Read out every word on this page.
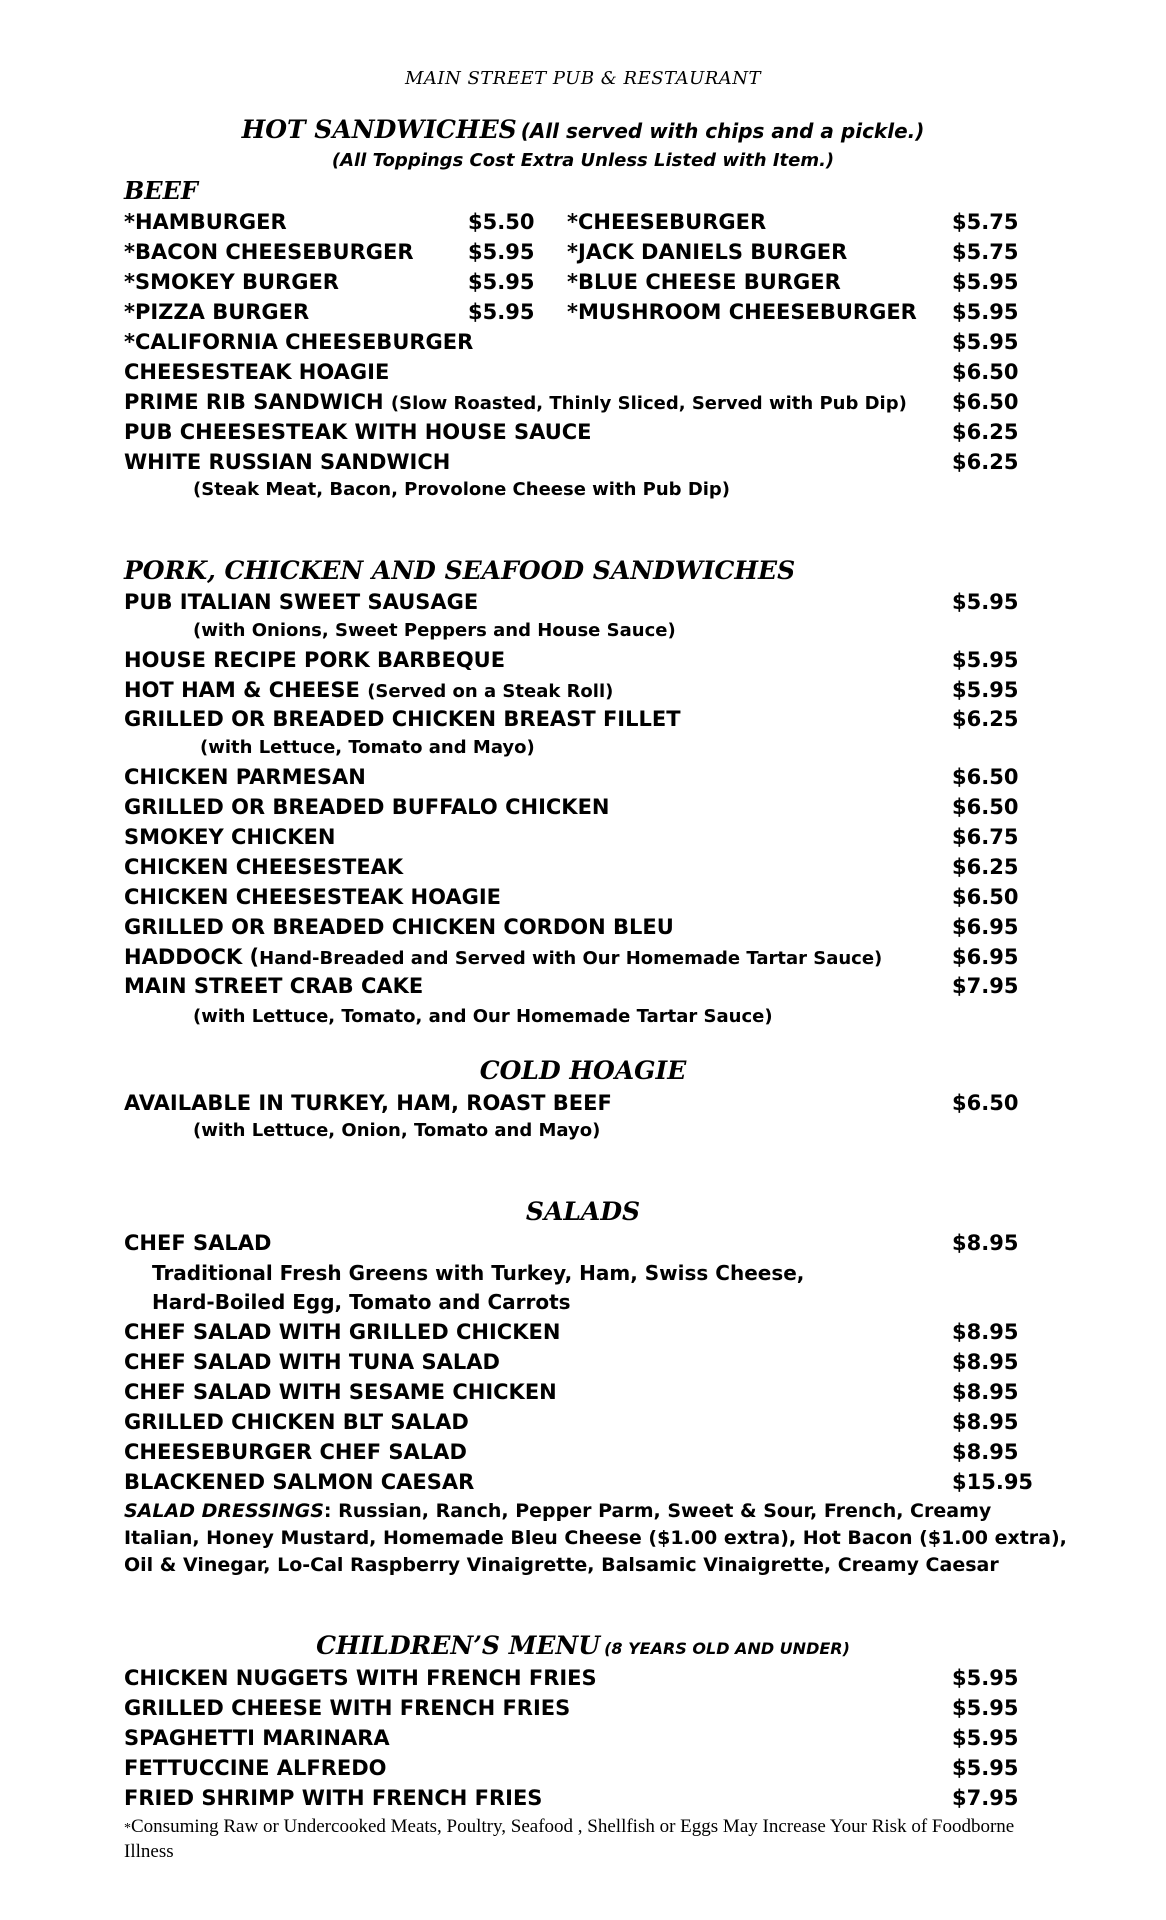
MAIN STREET PUB & RESTAURANT
HOT SANDWICHES (All served with chips and a pickle.)
(All Toppings Cost Extra Unless Listed with Item.)
BEEF
*HAMBURGER	$5.50 *CHEESEBURGER	$5.75
*BACON CHEESEBURGER	$5.95 *JACK DANIELS BURGER	$5.75
*SMOKEY BURGER	$5.95 *BLUE CHEESE BURGER	$5.95
*PIZZA BURGER	$5.95 *MUSHROOM CHEESEBURGER $5.95
*CALIFORNIA CHEESEBURGER	$5.95
CHEESESTEAK HOAGIE	$6.50
PRIME RIB SANDWICH (Slow Roasted, Thinly Sliced, Served with Pub Dip) $6.50
PUB CHEESESTEAK WITH HOUSE SAUCE	$6.25
WHITE RUSSIAN SANDWICH	$6.25
(Steak Meat, Bacon, Provolone Cheese with Pub Dip)
PORK, CHICKEN AND SEAFOOD SANDWICHES
PUB ITALIAN SWEET SAUSAGE	$5.95
(with Onions, Sweet Peppers and House Sauce)
HOUSE RECIPE PORK BARBEQUE	$5.95
HOT HAM & CHEESE (Served on a Steak Roll)	$5.95
GRILLED OR BREADED CHICKEN BREAST FILLET	$6.25
(with Lettuce, Tomato and Mayo)
CHICKEN PARMESAN	$6.50
GRILLED OR BREADED BUFFALO CHICKEN	$6.50
SMOKEY CHICKEN	$6.75
CHICKEN CHEESESTEAK	$6.25
CHICKEN CHEESESTEAK HOAGIE	$6.50
GRILLED OR BREADED CHICKEN CORDON BLEU	$6.95
HADDOCK (Hand-Breaded and Served with Our Homemade Tartar Sauce)	$6.95
MAIN STREET CRAB CAKE	$7.95
(with Lettuce, Tomato, and Our Homemade Tartar Sauce)
COLD HOAGIE
AVAILABLE IN TURKEY, HAM, ROAST BEEF	$6.50
(with Lettuce, Onion, Tomato and Mayo)
SALADS
CHEF SALAD	$8.95
Traditional Fresh Greens with Turkey, Ham, Swiss Cheese,
Hard-Boiled Egg, Tomato and Carrots
CHEF SALAD WITH GRILLED CHICKEN	$8.95
CHEF SALAD WITH TUNA SALAD	$8.95
CHEF SALAD WITH SESAME CHICKEN	$8.95
GRILLED CHICKEN BLT SALAD	$8.95
CHEESEBURGER CHEF SALAD	$8.95
BLACKENED SALMON CAESAR	$15.95
SALAD DRESSINGS: Russian, Ranch, Pepper Parm, Sweet & Sour, French, Creamy
Italian, Honey Mustard, Homemade Bleu Cheese ($1.00 extra), Hot Bacon ($1.00 extra),
Oil & Vinegar, Lo-Cal Raspberry Vinaigrette, Balsamic Vinaigrette, Creamy Caesar
CHILDREN’S MENU (8 YEARS OLD AND UNDER)
CHICKEN NUGGETS WITH FRENCH FRIES	$5.95
GRILLED CHEESE WITH FRENCH FRIES	$5.95
SPAGHETTI MARINARA	$5.95
FETTUCCINE ALFREDO	$5.95
FRIED SHRIMP WITH FRENCH FRIES	$7.95
*Consuming Raw or Undercooked Meats, Poultry, Seafood , Shellfish or Eggs May Increase Your Risk of Foodborne Illness
